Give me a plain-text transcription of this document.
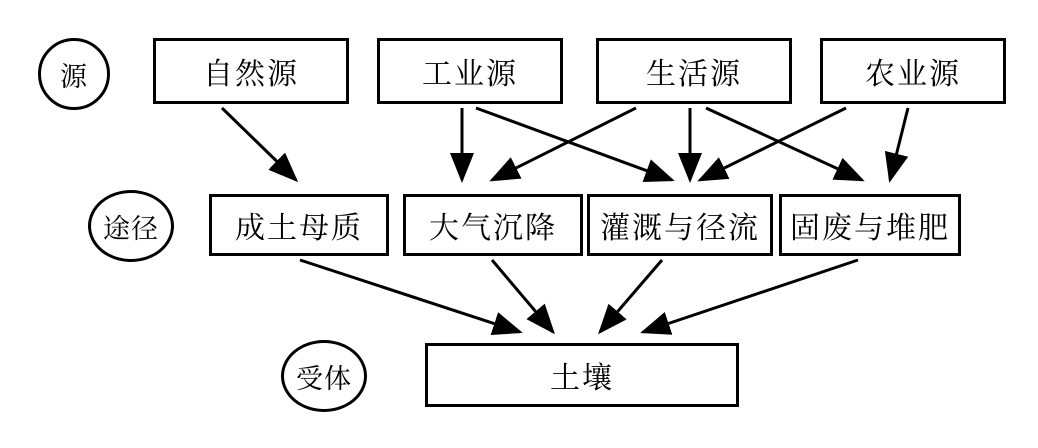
源
途径
受体
自然源	工业源	生活源	农业源
成土母质 大气沉降 灌溉与径流 固废与堆肥
土壤
